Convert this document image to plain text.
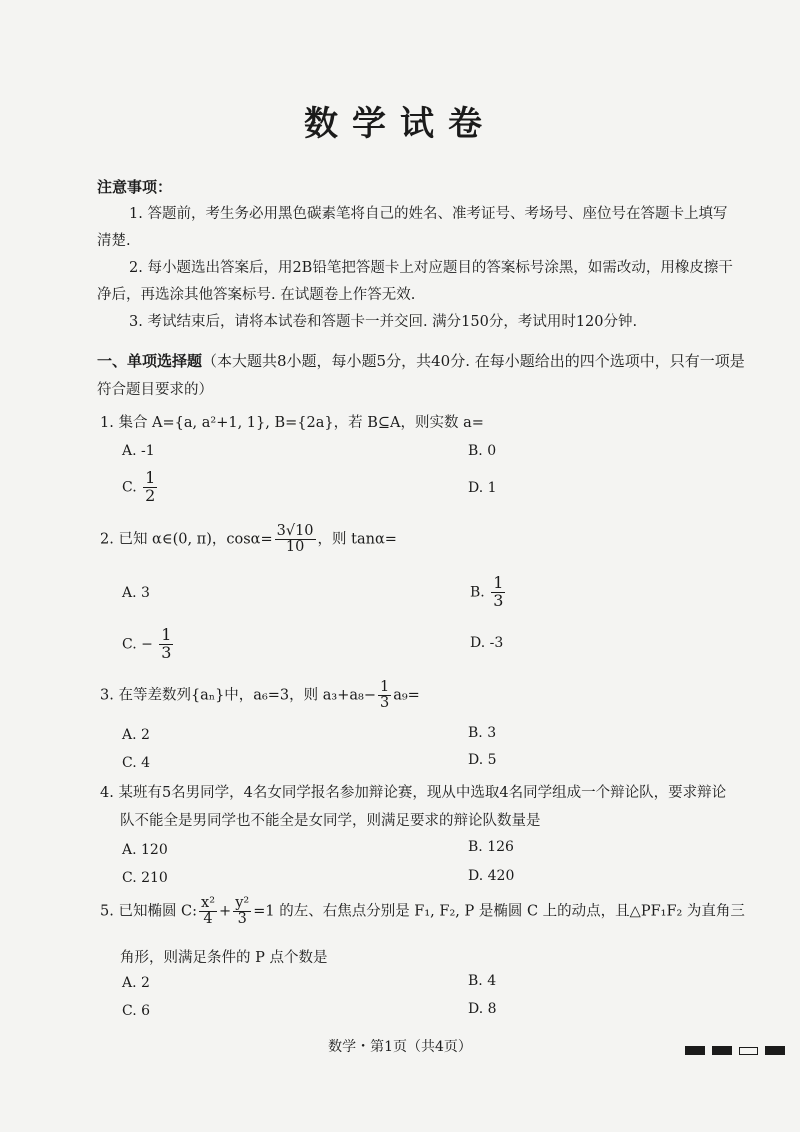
数学试卷
注意事项：
1. 答题前，考生务必用黑色碳素笔将自己的姓名、准考证号、考场号、座位号在答题卡上填写
清楚.
2. 每小题选出答案后，用2B铅笔把答题卡上对应题目的答案标号涂黑，如需改动，用橡皮擦干
净后，再选涂其他答案标号. 在试题卷上作答无效.
3. 考试结束后，请将本试卷和答题卡一并交回. 满分150分，考试用时120分钟.
一、单项选择题（本大题共8小题，每小题5分，共40分. 在每小题给出的四个选项中，只有一项是
符合题目要求的）
1. 集合 A={a, a²+1, 1}, B={2a}，若 B⊆A，则实数 a=
A. -1	B. 0
C. $\frac{1}{2}$	D. 1
2. 已知 α∈(0, π)，$\cos\alpha= \frac{3√10}{10}$ ，则 tanα=
A. 3	B. $\frac{1}{3}$
C. − $\frac{1}{3}$	D. -3
3. 在等差数列{aₙ}中，a₆=3，则 $a_3+a_8- \frac{1}{3} a_9=$
A. 2	B. 3
C. 4	D. 5
4. 某班有5名男同学，4名女同学报名参加辩论赛，现从中选取4名同学组成一个辩论队，要求辩论
队不能全是男同学也不能全是女同学，则满足要求的辩论队数量是
A. 120	B. 126
C. 210	D. 420
5. 已知椭圆 C: $\frac{\text{x²}}{4} + \frac{\text{y²}}{3} =1$ 的左、右焦点分别是 F₁, F₂, P 是椭圆 C 上的动点，且△PF₁F₂ 为直角三
角形，则满足条件的 P 点个数是
A. 2	B. 4
C. 6	D. 8
数学・第1页（共4页）
